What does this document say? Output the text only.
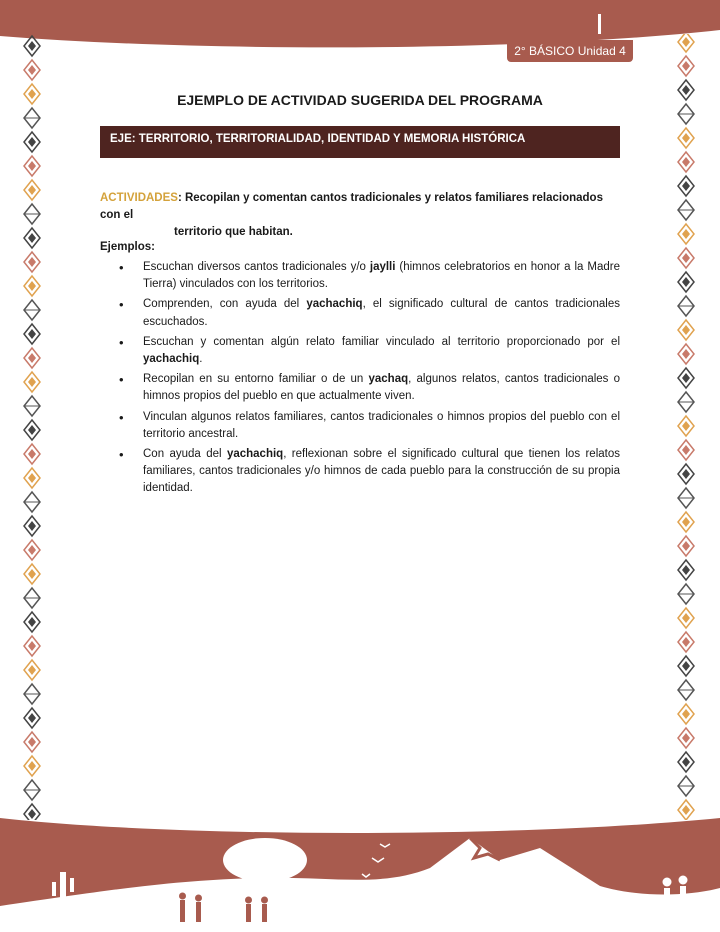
2° BÁSICO Unidad 4
EJEMPLO DE ACTIVIDAD SUGERIDA DEL PROGRAMA
EJE: TERRITORIO, TERRITORIALIDAD, IDENTIDAD Y MEMORIA HISTÓRICA
ACTIVIDADES: Recopilan y comentan cantos tradicionales y relatos familiares relacionados con el
territorio que habitan.
Ejemplos:
• Escuchan diversos cantos tradicionales y/o jaylli (himnos celebratorios en honor a la Madre Tierra) vinculados con los territorios.
• Comprenden, con ayuda del yachachiq, el significado cultural de cantos tradicionales escuchados.
• Escuchan y comentan algún relato familiar vinculado al territorio proporcionado por el yachachiq.
• Recopilan en su entorno familiar o de un yachaq, algunos relatos, cantos tradicionales o himnos propios del pueblo en que actualmente viven.
• Vinculan algunos relatos familiares, cantos tradicionales o himnos propios del pueblo con el territorio ancestral.
• Con ayuda del yachachiq, reflexionan sobre el significado cultural que tienen los relatos familiares, cantos tradicionales y/o himnos de cada pueblo para la construcción de su propia identidad.
